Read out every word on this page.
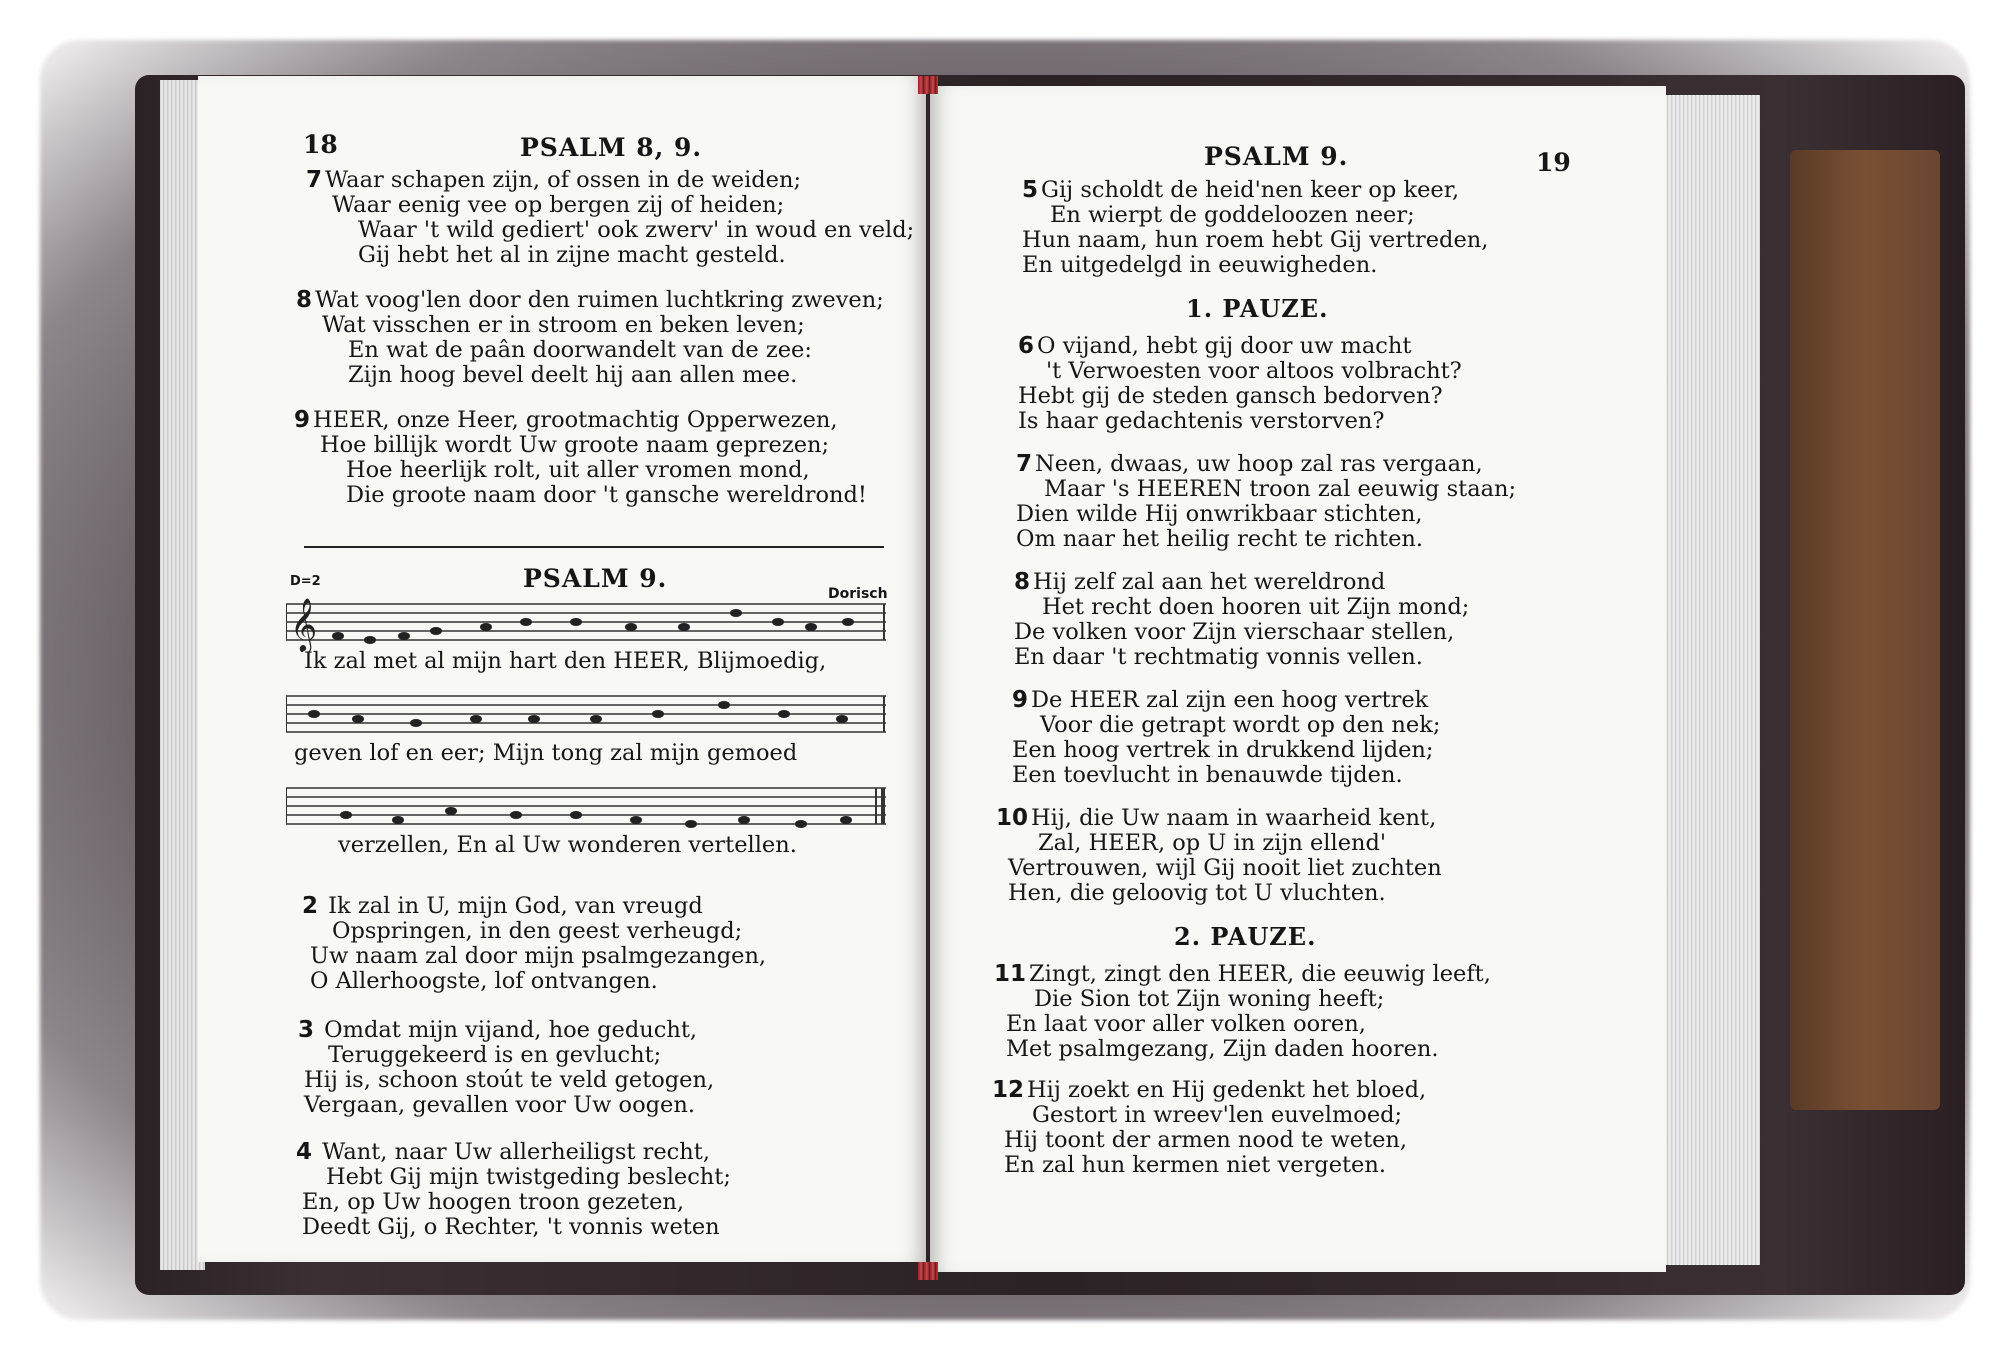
18	PSALM 8, 9.
7 Waar schapen zijn, of ossen in de weiden;
Waar eenig vee op bergen zij of heiden;
Waar 't wild gediert' ook zwerv' in woud en veld;
Gij hebt het al in zijne macht gesteld.
8 Wat voog'len door den ruimen luchtkring zweven;
Wat visschen er in stroom en beken leven;
En wat de paân doorwandelt van de zee:
Zijn hoog bevel deelt hij aan allen mee.
9 HEER, onze Heer, grootmachtig Opperwezen,
Hoe billijk wordt Uw groote naam geprezen;
Hoe heerlijk rolt, uit aller vromen mond,
Die groote naam door 't gansche wereldrond!
PSALM 9.
D=2
Dorisch
𝄞
Ik zal met al mijn hart den HEER, Blijmoedig,
geven lof en eer; Mijn tong zal mijn gemoed
verzellen, En al Uw wonderen vertellen.
2 Ik zal in U, mijn God, van vreugd
Opspringen, in den geest verheugd;
Uw naam zal door mijn psalmgezangen,
O Allerhoogste, lof ontvangen.
3 Omdat mijn vijand, hoe geducht,
Teruggekeerd is en gevlucht;
Hij is, schoon stoút te veld getogen,
Vergaan, gevallen voor Uw oogen.
4 Want, naar Uw allerheiligst recht,
Hebt Gij mijn twistgeding beslecht;
En, op Uw hoogen troon gezeten,
Deedt Gij, o Rechter, 't vonnis weten
PSALM 9.	19
5 Gij scholdt de heid'nen keer op keer,
En wierpt de goddeloozen neer;
Hun naam, hun roem hebt Gij vertreden,
En uitgedelgd in eeuwigheden.
1. PAUZE.
6 O vijand, hebt gij door uw macht
't Verwoesten voor altoos volbracht?
Hebt gij de steden gansch bedorven?
Is haar gedachtenis verstorven?
7 Neen, dwaas, uw hoop zal ras vergaan,
Maar 's HEEREN troon zal eeuwig staan;
Dien wilde Hij onwrikbaar stichten,
Om naar het heilig recht te richten.
8 Hij zelf zal aan het wereldrond
Het recht doen hooren uit Zijn mond;
De volken voor Zijn vierschaar stellen,
En daar 't rechtmatig vonnis vellen.
9 De HEER zal zijn een hoog vertrek
Voor die getrapt wordt op den nek;
Een hoog vertrek in drukkend lijden;
Een toevlucht in benauwde tijden.
10 Hij, die Uw naam in waarheid kent,
Zal, HEER, op U in zijn ellend'
Vertrouwen, wijl Gij nooit liet zuchten
Hen, die geloovig tot U vluchten.
2. PAUZE.
11 Zingt, zingt den HEER, die eeuwig leeft,
Die Sion tot Zijn woning heeft;
En laat voor aller volken ooren,
Met psalmgezang, Zijn daden hooren.
12 Hij zoekt en Hij gedenkt het bloed,
Gestort in wreev'len euvelmoed;
Hij toont der armen nood te weten,
En zal hun kermen niet vergeten.
